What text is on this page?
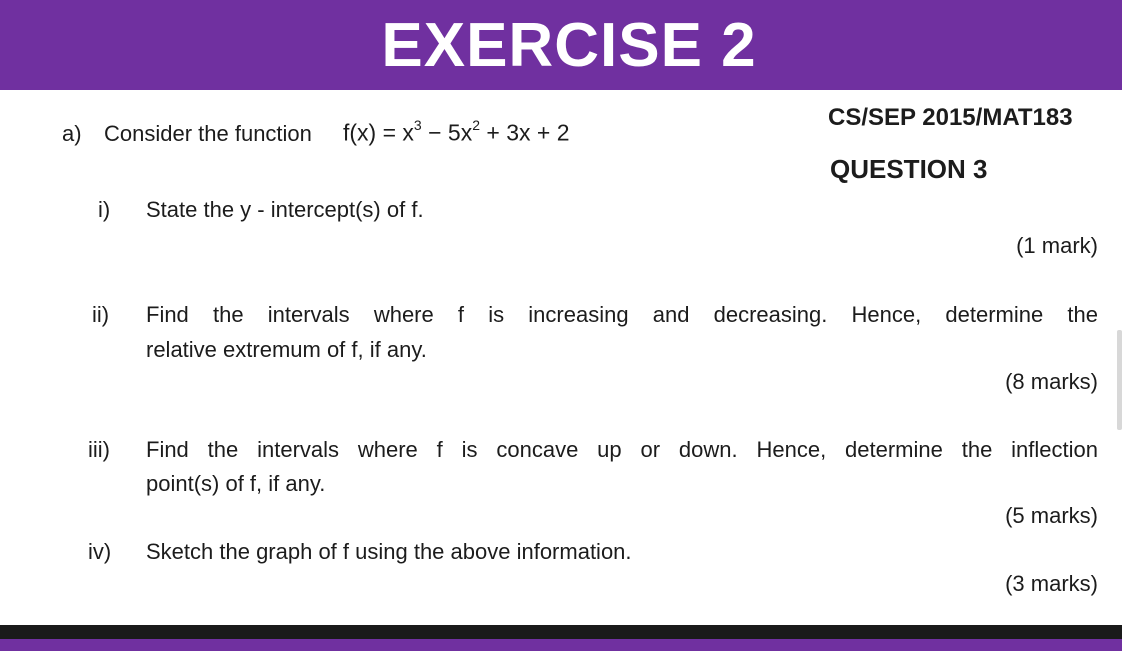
EXERCISE 2
a) Consider the function $f(x) = x^3 - 5x^2 + 3x + 2$
CS/SEP 2015/MAT183
QUESTION 3
i) State the y - intercept(s) of f.
(1 mark)
ii) Find the intervals where f is increasing and decreasing. Hence, determine the
relative extremum of f, if any.
(8 marks)
iii) Find the intervals where f is concave up or down. Hence, determine the inflection
point(s) of f, if any.
(5 marks)
iv) Sketch the graph of f using the above information.
(3 marks)
